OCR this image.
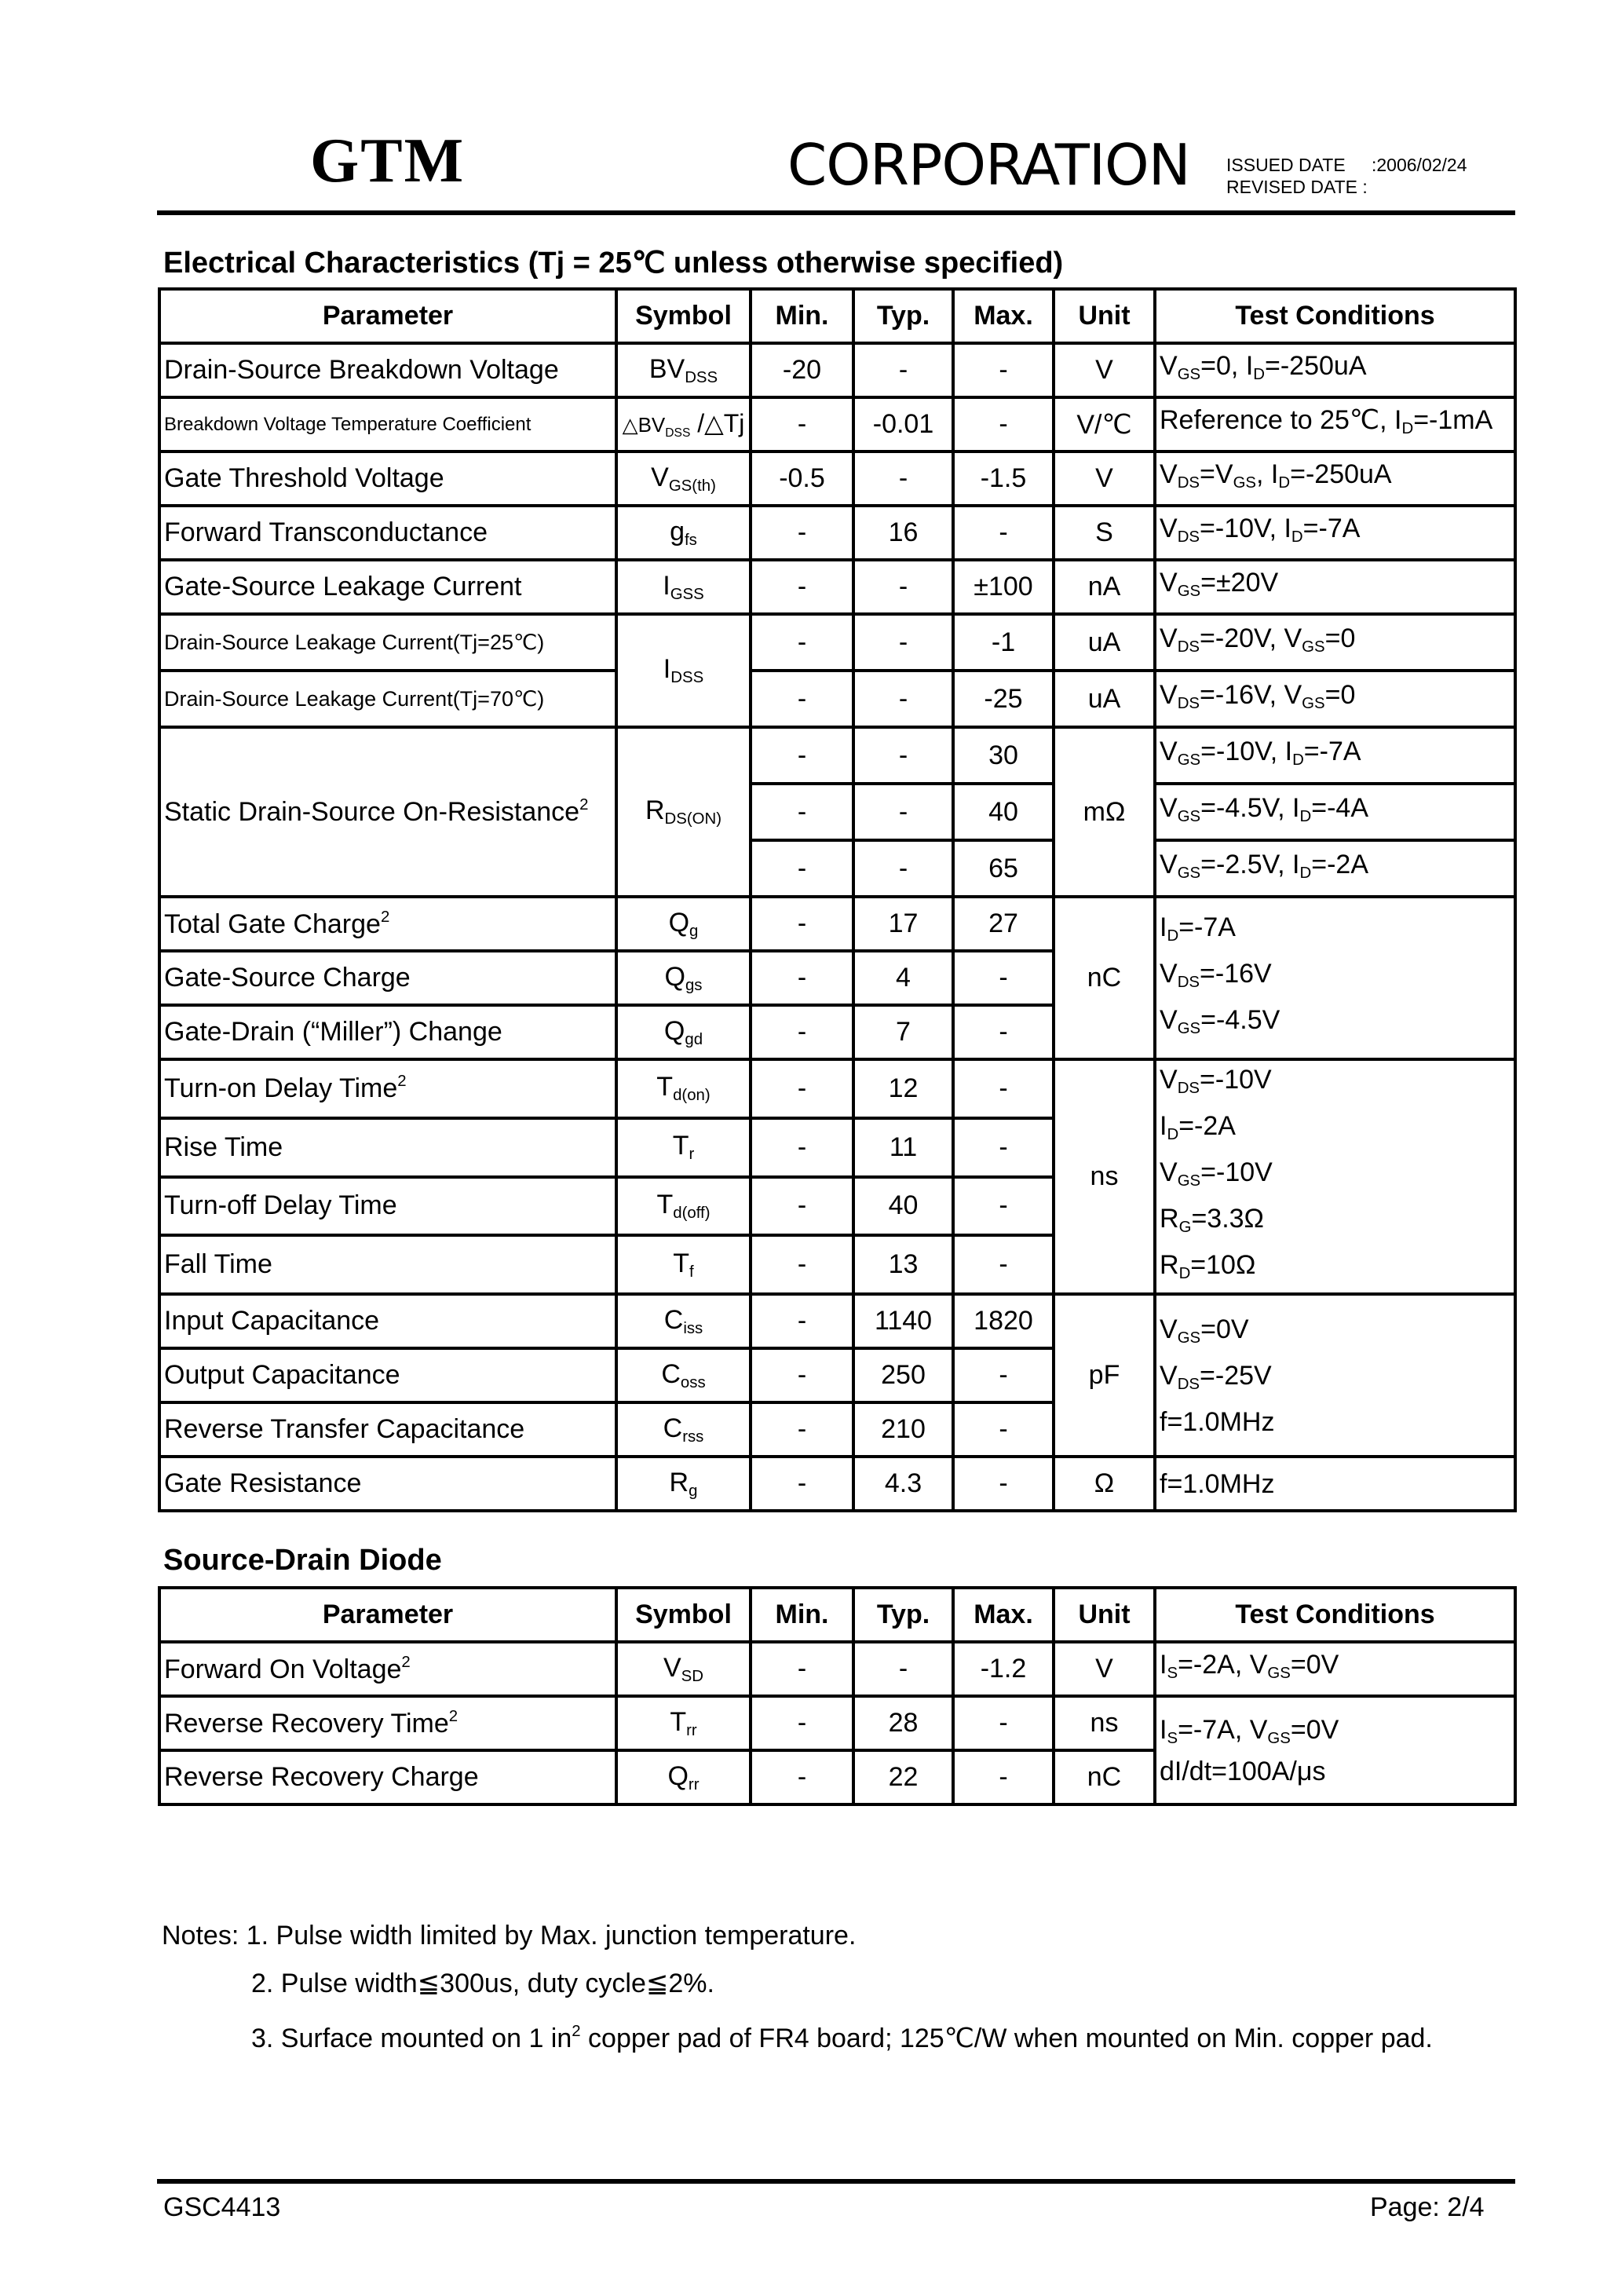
GTM	CORPORATION ISSUED DATE :2006/02/24
REVISED DATE :
Electrical Characteristics (Tj = 25℃ unless otherwise specified)
Parameter	Symbol	Min.	Typ.	Max.	Unit	Test Conditions
Drain-Source Breakdown Voltage	$BV_{DSS}$	-20	-	-	V	$V_{GS}=0$, $I_D=-250uA$
Breakdown Voltage Temperature Coefficient	$\triangle BV_{DSS}$ /△Tj	-	-0.01	-	V/℃	Reference to 25℃, $I_D=-1mA$
Gate Threshold Voltage	$V_{GS(th)}$	-0.5	-	-1.5	V	$V_{DS}=V_{GS}$, $I_D=-250uA$
Forward Transconductance	$g_{fs}$	-	16	-	S	$V_{DS}=-10V$, $I_D=-7A$
Gate-Source Leakage Current	$I_{GSS}$	-	-	±100	nA	$V_{GS}=\pm 20V$
Drain-Source Leakage Current(Tj=25℃)	$I_{DSS}$	-	-	-1	uA	$V_{DS}=-20V$, $V_{GS}=0$
Drain-Source Leakage Current(Tj=70℃)		-	-	-25	uA	$V_{DS}=-16V$, $V_{GS}=0$
Static Drain-Source On-Resistance$^2$	$R_{DS(ON)}$	-	-	30	mΩ	$V_{GS}=-10V$, $I_D=-7A$
		-	-	40		$V_{GS}=-4.5V$, $I_D=-4A$
		-	-	65		$V_{GS}=-2.5V$, $I_D=-2A$
Total Gate Charge$^2$	$Q_g$	-	17	27	nC	$I_D=-7A$
$V_{DS}=-16V$
$V_{GS}=-4.5V$

Gate-Source Charge	$Q_{gs}$	-	4	-		
Gate-Drain (“Miller”) Change	$Q_{gd}$	-	7	-		
Turn-on Delay Time$^2$	$T_{d(on)}$	-	12	-	ns	$V_{DS}=-10V$
$I_D=-2A$
$V_{GS}=-10V$
$R_G=3.3\Omega$
$R_D=10\Omega$

Rise Time	$T_r$	-	11	-		
Turn-off Delay Time	$T_{d(off)}$	-	40	-		
Fall Time	$T_f$	-	13	-		
Input Capacitance	$C_{iss}$	-	1140	1820	pF	$V_{GS}=0V$
$V_{DS}=-25V$
f=1.0MHz

Output Capacitance	$C_{oss}$	-	250	-		
Reverse Transfer Capacitance	$C_{rss}$	-	210	-		
Gate Resistance	$R_g$	-	4.3	-	Ω	f=1.0MHz
Source-Drain Diode
Parameter	Symbol	Min.	Typ.	Max.	Unit	Test Conditions
Forward On Voltage$^2$	$V_{SD}$	-	-	-1.2	V	$I_S=-2A$, $V_{GS}=0V$
Reverse Recovery Time$^2$	$T_{rr}$	-	28	-	ns	$I_S=-7A$, $V_{GS}=0V$
dI/dt=100A/μs

Reverse Recovery Charge	$Q_{rr}$	-	22	-	nC	
Notes: 1. Pulse width limited by Max. junction temperature.
2. Pulse width≦300us, duty cycle≦2%.
3. Surface mounted on 1 $in^2$ copper pad of FR4 board; 125℃/W when mounted on Min. copper pad.
GSC4413	Page: 2/4
